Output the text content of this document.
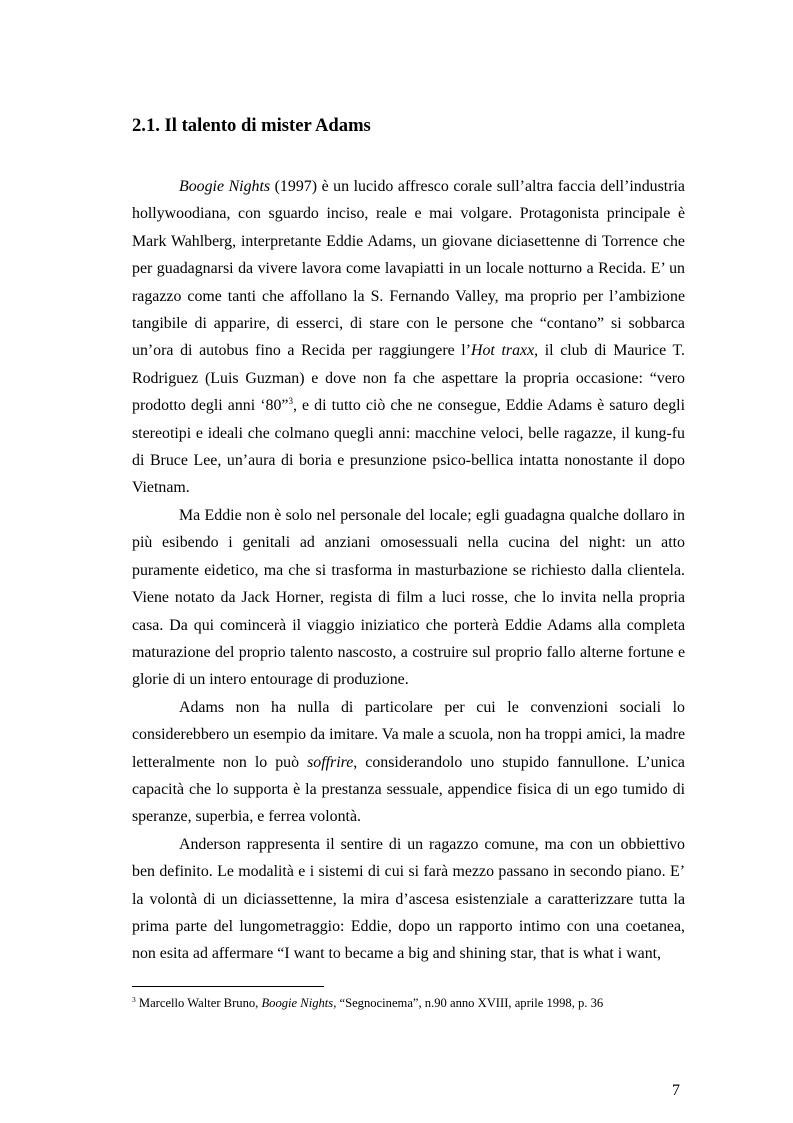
2.1. Il talento di mister Adams

Boogie Nights (1997) è un lucido affresco corale sull’altra faccia dell’industria hollywoodiana, con sguardo inciso, reale e mai volgare. Protagonista principale è Mark Wahlberg, interpretante Eddie Adams, un giovane diciasettenne di Torrence che per guadagnarsi da vivere lavora come lavapiatti in un locale notturno a Recida. E’ un ragazzo come tanti che affollano la S. Fernando Valley, ma proprio per l’ambizione tangibile di apparire, di esserci, di stare con le persone che “contano” si sobbarca un’ora di autobus fino a Recida per raggiungere l’Hot traxx, il club di Maurice T. Rodriguez (Luis Guzman) e dove non fa che aspettare la propria occasione: “vero prodotto degli anni ‘80”$^3$, e di tutto ciò che ne consegue, Eddie Adams è saturo degli stereotipi e ideali che colmano quegli anni: macchine veloci, belle ragazze, il kung-fu di Bruce Lee, un’aura di boria e presunzione psico-bellica intatta nonostante il dopo Vietnam.

Ma Eddie non è solo nel personale del locale; egli guadagna qualche dollaro in più esibendo i genitali ad anziani omosessuali nella cucina del night: un atto puramente eidetico, ma che si trasforma in masturbazione se richiesto dalla clientela. Viene notato da Jack Horner, regista di film a luci rosse, che lo invita nella propria casa. Da qui comincerà il viaggio iniziatico che porterà Eddie Adams alla completa maturazione del proprio talento nascosto, a costruire sul proprio fallo alterne fortune e glorie di un intero entourage di produzione.

Adams non ha nulla di particolare per cui le convenzioni sociali lo considerebbero un esempio da imitare. Va male a scuola, non ha troppi amici, la madre letteralmente non lo può soffrire, considerandolo uno stupido fannullone. L’unica capacità che lo supporta è la prestanza sessuale, appendice fisica di un ego tumido di speranze, superbia, e ferrea volontà.

Anderson rappresenta il sentire di un ragazzo comune, ma con un obbiettivo ben definito. Le modalità e i sistemi di cui si farà mezzo passano in secondo piano. E’ la volontà di un diciassettenne, la mira d’ascesa esistenziale a caratterizzare tutta la prima parte del lungometraggio: Eddie, dopo un rapporto intimo con una coetanea, non esita ad affermare “I want to became a big and shining star, that is what i want,

$^3$ Marcello Walter Bruno, Boogie Nights, “Segnocinema”, n.90 anno XVIII, aprile 1998, p. 36

7
